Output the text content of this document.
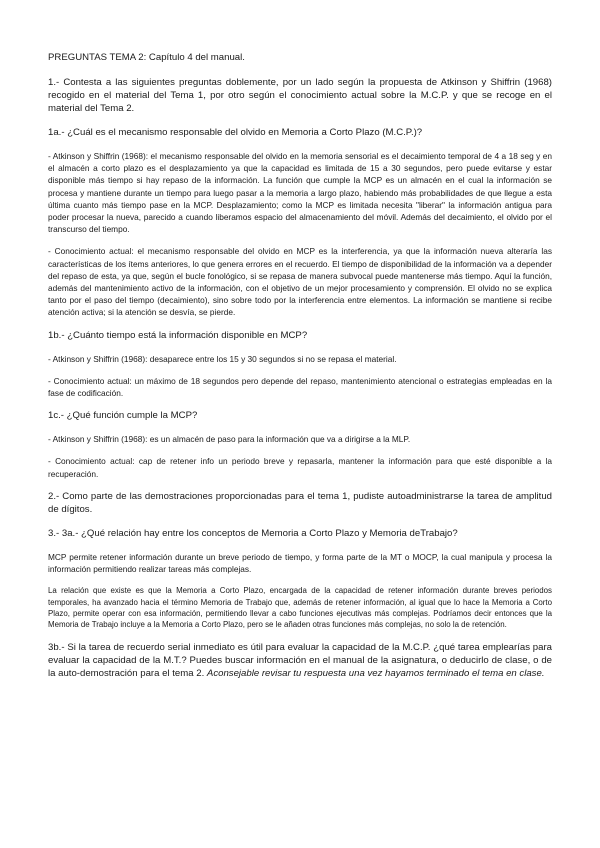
PREGUNTAS TEMA 2: Capítulo 4 del manual.

1.- Contesta a las siguientes preguntas doblemente, por un lado según la propuesta de Atkinson y Shiffrin (1968) recogido en el material del Tema 1, por otro según el conocimiento actual sobre la M.C.P. y que se recoge en el material del Tema 2.

1a.- ¿Cuál es el mecanismo responsable del olvido en Memoria a Corto Plazo (M.C.P.)?

- Atkinson y Shiffrin (1968): el mecanismo responsable del olvido en la memoria sensorial es el decaimiento temporal de 4 a 18 seg y en el almacén a corto plazo es el desplazamiento ya que la capacidad es limitada de 15 a 30 segundos, pero puede evitarse y estar disponible más tiempo si hay repaso de la información. La función que cumple la MCP es un almacén en el cual la información se procesa y mantiene durante un tiempo para luego pasar a la memoria a largo plazo, habiendo más probabilidades de que llegue a esta última cuanto más tiempo pase en la MCP. Desplazamiento; como la MCP es limitada necesita "liberar" la información antigua para poder procesar la nueva, parecido a cuando liberamos espacio del almacenamiento del móvil. Además del decaimiento, el olvido por el transcurso del tiempo.

- Conocimiento actual: el mecanismo responsable del olvido en MCP es la interferencia, ya que la información nueva alteraría las características de los ítems anteriores, lo que genera errores en el recuerdo. El tiempo de disponibilidad de la información va a depender del repaso de esta, ya que, según el bucle fonológico, si se repasa de manera subvocal puede mantenerse más tiempo. Aquí la función, además del mantenimiento activo de la información, con el objetivo de un mejor procesamiento y comprensión. El olvido no se explica tanto por el paso del tiempo (decaimiento), sino sobre todo por la interferencia entre elementos. La información se mantiene si recibe atención activa; si la atención se desvía, se pierde.

1b.- ¿Cuánto tiempo está la información disponible en MCP?

- Atkinson y Shiffrin (1968): desaparece entre los 15 y 30 segundos si no se repasa el material.

- Conocimiento actual: un máximo de 18 segundos pero depende del repaso, mantenimiento atencional o estrategias empleadas en la fase de codificación.

1c.- ¿Qué función cumple la MCP?

- Atkinson y Shiffrin (1968): es un almacén de paso para la información que va a dirigirse a la MLP.

- Conocimiento actual: cap de retener info un periodo breve y repasarla, mantener la información para que esté disponible a la recuperación.

2.- Como parte de las demostraciones proporcionadas para el tema 1, pudiste autoadministrarse la tarea de amplitud de dígitos.

3.- 3a.- ¿Qué relación hay entre los conceptos de Memoria a Corto Plazo y Memoria deTrabajo?

MCP permite retener información durante un breve periodo de tiempo, y forma parte de la MT o MOCP, la cual manipula y procesa la información permitiendo realizar tareas más complejas.

La relación que existe es que la Memoria a Corto Plazo, encargada de la capacidad de retener información durante breves periodos temporales, ha avanzado hacia el término Memoria de Trabajo que, además de retener información, al igual que lo hace la Memoria a Corto Plazo, permite operar con esa información, permitiendo llevar a cabo funciones ejecutivas más complejas. Podríamos decir entonces que la Memoria de Trabajo incluye a la Memoria a Corto Plazo, pero se le añaden otras funciones más complejas, no solo la de retención.

3b.- Si la tarea de recuerdo serial inmediato es útil para evaluar la capacidad de la M.C.P. ¿qué tarea emplearías para evaluar la capacidad de la M.T.? Puedes buscar información en el manual de la asignatura, o deducirlo de clase, o de la auto-demostración para el tema 2. Aconsejable revisar tu respuesta una vez hayamos terminado el tema en clase.
